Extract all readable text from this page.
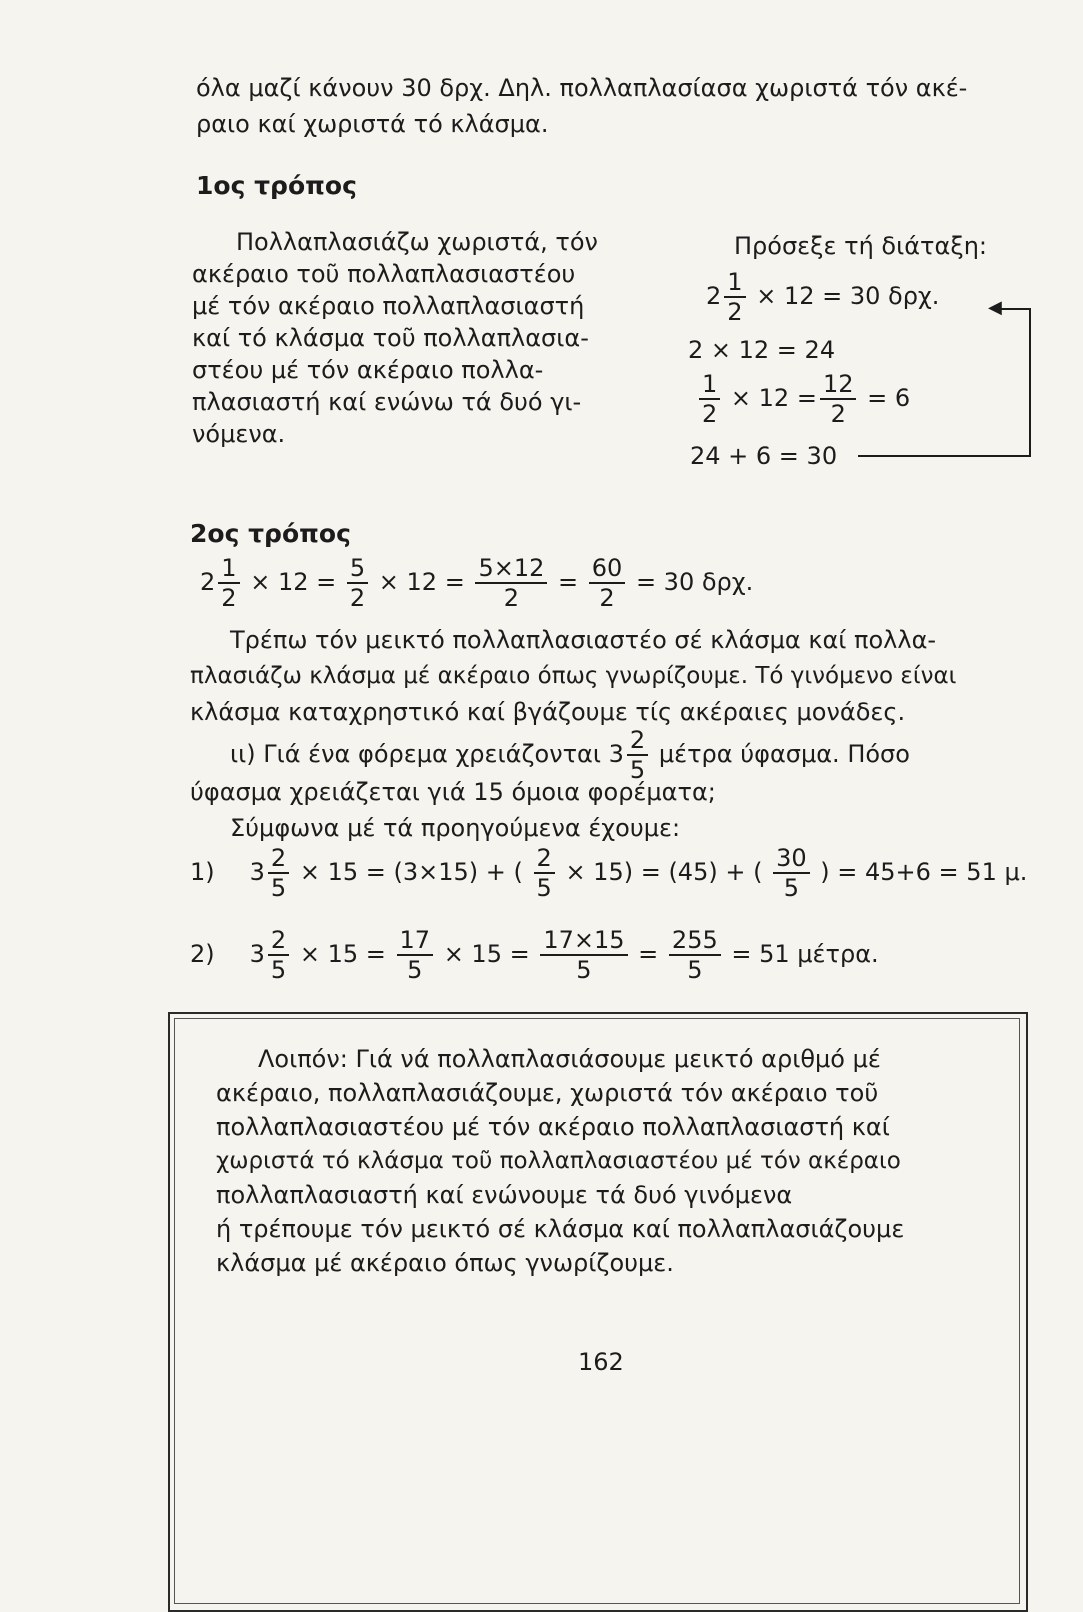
όλα μαζί κάνουν 30 δρχ. Δηλ. πολλαπλασίασα χωριστά τόν ακέ-
ραιο καί χωριστά τό κλάσμα.
1ος τρόπος
Πολλαπλασιάζω χωριστά, τόν
ακέραιο τοῦ πολλαπλασιαστέου
μέ τόν ακέραιο πολλαπλασιαστή
καί τό κλάσμα τοῦ πολλαπλασια-
στέου μέ τόν ακέραιο πολλα-
πλασιαστή καί ενώνω τά δυό γι-
νόμενα.
Πρόσεξε τή διάταξη:
$2 \frac{1}{2} \times 12 = 30$ δρχ.
2 × 12 = 24
$\frac{1}{2} \times 12 = \frac{12}{2} = 6$
24 + 6 = 30
◀
2ος τρόπος
$2 \frac{1}{2} \times 12 = \frac{5}{2} \times 12 = \frac{5\times 12}{2} = \frac{60}{2} = 30$ δρχ.
Τρέπω τόν μεικτό πολλαπλασιαστέο σέ κλάσμα καί πολλα-
πλασιάζω κλάσμα μέ ακέραιο όπως γνωρίζουμε. Τό γινόμενο είναι
κλάσμα καταχρηστικό καί βγάζουμε τίς ακέραιες μονάδες.
ιι) Γιά ένα φόρεμα χρειάζονται $3 \frac{2}{5}$ μέτρα ύφασμα. Πόσο
ύφασμα χρειάζεται γιά 15 όμοια φορέματα;
Σύμφωνα μέ τά προηγούμενα έχουμε:
1) $3 \frac{2}{5} \times 15 = (3\times 15)$ + ( $\frac{2}{5} \times 15) = (45)$ + ( $\frac{30}{5}$ ) = 45+6 = 51 μ.
2) $3 \frac{2}{5} \times 15 = \frac{17}{5} \times 15 = \frac{17\times 15}{5} = \frac{255}{5} = 51$ μέτρα.
Λοιπόν: Γιά νά πολλαπλασιάσουμε μεικτό αριθμό μέ
ακέραιο, πολλαπλασιάζουμε, χωριστά τόν ακέραιο τοῦ
πολλαπλασιαστέου μέ τόν ακέραιο πολλαπλασιαστή καί
χωριστά τό κλάσμα τοῦ πολλαπλασιαστέου μέ τόν ακέραιο
πολλαπλασιαστή καί ενώνουμε τά δυό γινόμενα
ή τρέπουμε τόν μεικτό σέ κλάσμα καί πολλαπλασιάζουμε
κλάσμα μέ ακέραιο όπως γνωρίζουμε.
162
